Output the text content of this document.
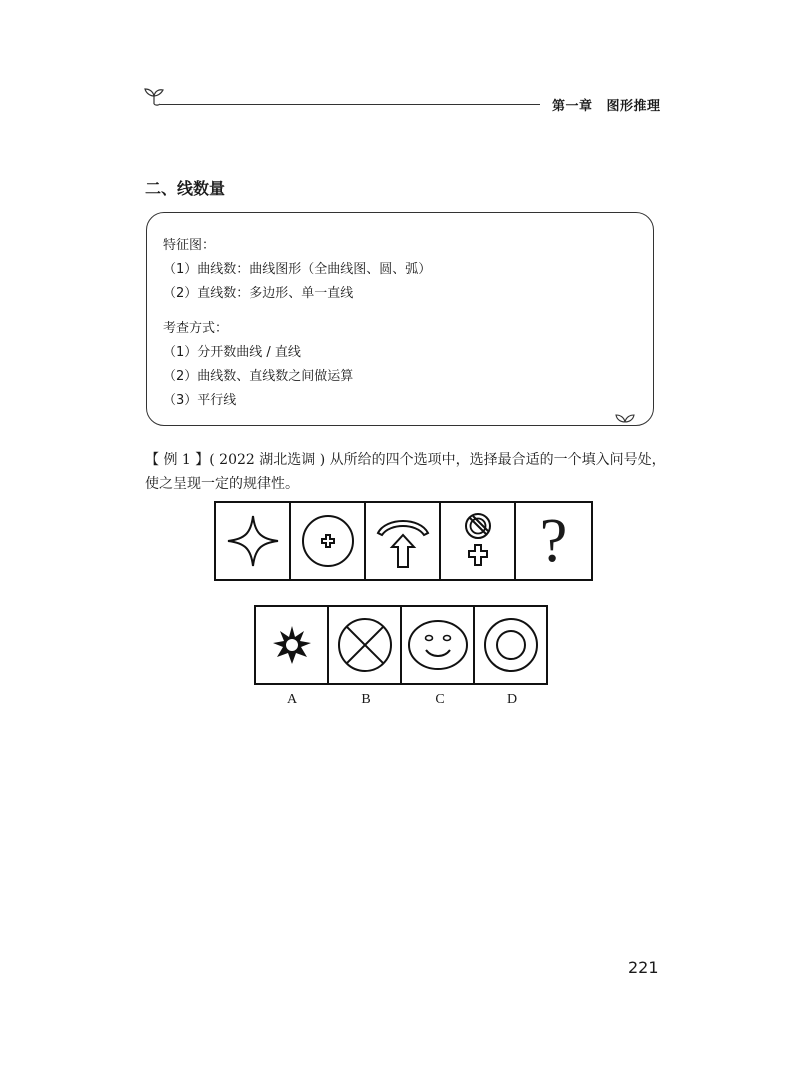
第一章 图形推理
二、线数量
特征图：
（1）曲线数：曲线图形（全曲线图、圆、弧）
（2）直线数：多边形、单一直线
考查方式：
（1）分开数曲线 / 直线
（2）曲线数、直线数之间做运算
（3）平行线
【 例 1 】( 2022 湖北选调 ) 从所给的四个选项中，选择最合适的一个填入问号处，
使之呈现一定的规律性。
?
A	B	C	D
221
